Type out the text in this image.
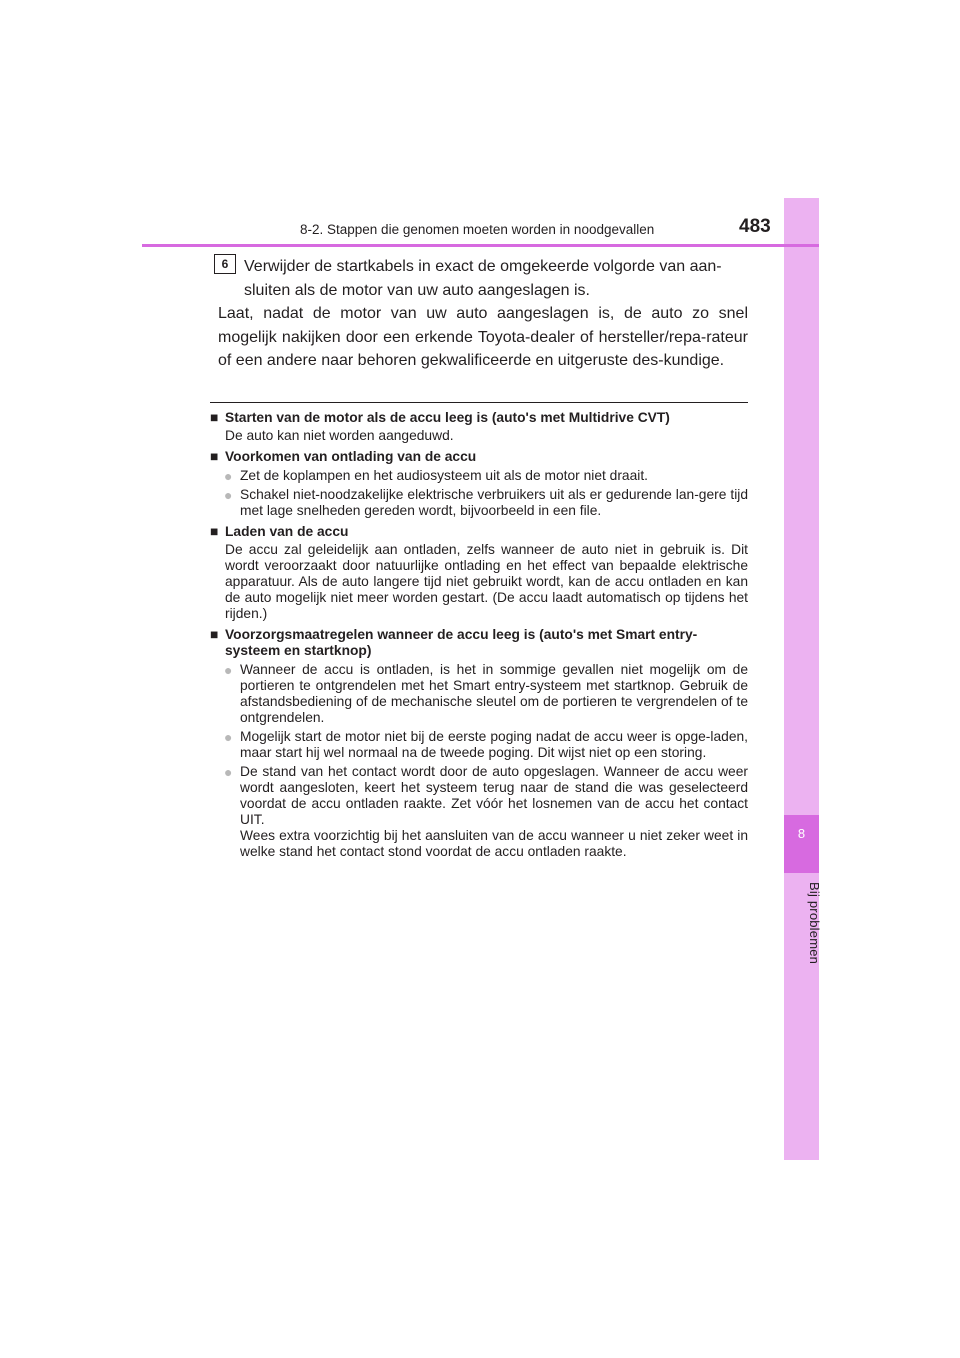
8
Bij problemen
8-2. Stappen die genomen moeten worden in noodgevallen	483
6 Verwijder de startkabels in exact de omgekeerde volgorde van aan-sluiten als de motor van uw auto aangeslagen is.

Laat, nadat de motor van uw auto aangeslagen is, de auto zo snel mogelijk nakijken door een erkende Toyota-dealer of hersteller/repa-rateur of een andere naar behoren gekwalificeerde en uitgeruste des-kundige.

■ Starten van de motor als de accu leeg is (auto's met Multidrive CVT)

De auto kan niet worden aangeduwd.

■ Voorkomen van ontlading van de accu

● Zet de koplampen en het audiosysteem uit als de motor niet draait.

● Schakel niet-noodzakelijke elektrische verbruikers uit als er gedurende lan-gere tijd met lage snelheden gereden wordt, bijvoorbeeld in een file.

■ Laden van de accu

De accu zal geleidelijk aan ontladen, zelfs wanneer de auto niet in gebruik is. Dit wordt veroorzaakt door natuurlijke ontlading en het effect van bepaalde elektrische apparatuur. Als de auto langere tijd niet gebruikt wordt, kan de accu ontladen en kan de auto mogelijk niet meer worden gestart. (De accu laadt automatisch op tijdens het rijden.)

■ Voorzorgsmaatregelen wanneer de accu leeg is (auto's met Smart entry-systeem en startknop)

● Wanneer de accu is ontladen, is het in sommige gevallen niet mogelijk om de portieren te ontgrendelen met het Smart entry-systeem met startknop. Gebruik de afstandsbediening of de mechanische sleutel om de portieren te vergrendelen of te ontgrendelen.

● Mogelijk start de motor niet bij de eerste poging nadat de accu weer is opge-laden, maar start hij wel normaal na de tweede poging. Dit wijst niet op een storing.

● De stand van het contact wordt door de auto opgeslagen. Wanneer de accu weer wordt aangesloten, keert het systeem terug naar de stand die was geselecteerd voordat de accu ontladen raakte. Zet vóór het losnemen van de accu het contact UIT.
Wees extra voorzichtig bij het aansluiten van de accu wanneer u niet zeker weet in welke stand het contact stond voordat de accu ontladen raakte.
